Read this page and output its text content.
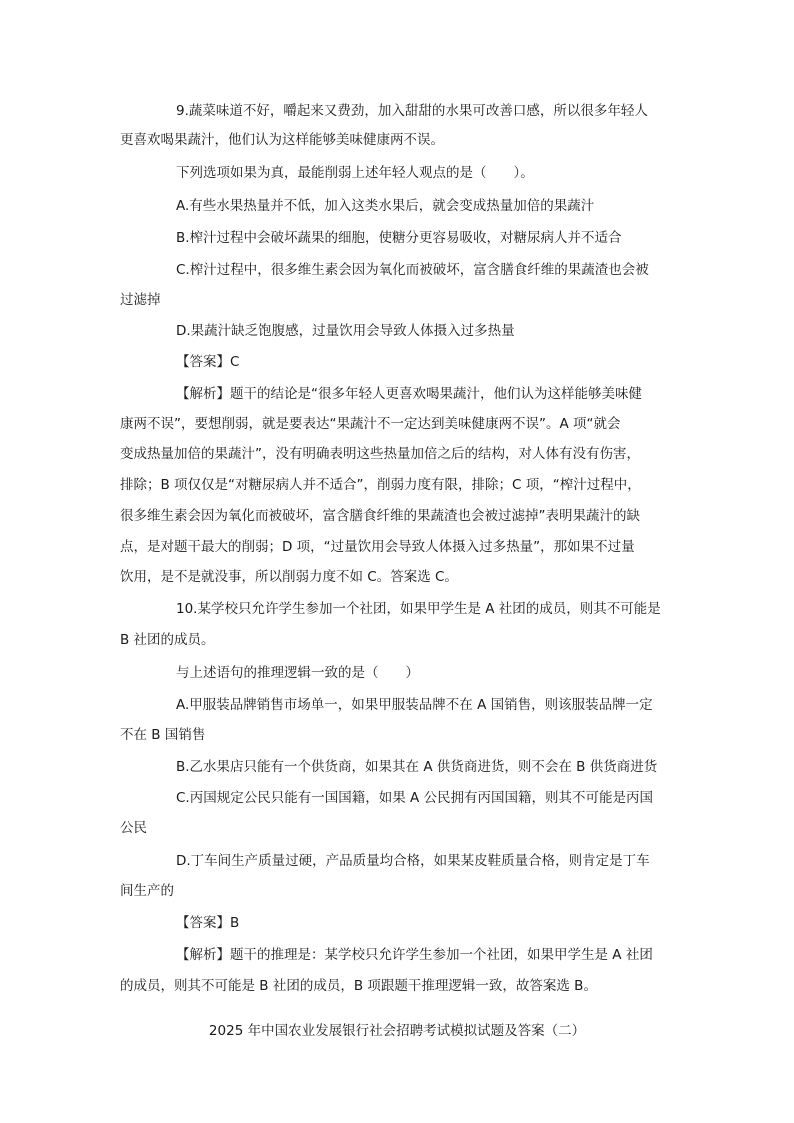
9.蔬菜味道不好，嚼起来又费劲，加入甜甜的水果可改善口感，所以很多年轻人

更喜欢喝果蔬汁，他们认为这样能够美味健康两不误。

下列选项如果为真，最能削弱上述年轻人观点的是（　　）。

A.有些水果热量并不低，加入这类水果后，就会变成热量加倍的果蔬汁

B.榨汁过程中会破坏蔬果的细胞，使糖分更容易吸收，对糖尿病人并不适合

C.榨汁过程中，很多维生素会因为氧化而被破坏，富含膳食纤维的果蔬渣也会被

过滤掉

D.果蔬汁缺乏饱腹感，过量饮用会导致人体摄入过多热量

【答案】C

【解析】题干的结论是“很多年轻人更喜欢喝果蔬汁，他们认为这样能够美味健

康两不误”，要想削弱，就是要表达“果蔬汁不一定达到美味健康两不误”。A 项“就会

变成热量加倍的果蔬汁”，没有明确表明这些热量加倍之后的结构，对人体有没有伤害，

排除；B 项仅仅是“对糖尿病人并不适合”，削弱力度有限，排除；C 项，“榨汁过程中，

很多维生素会因为氧化而被破坏，富含膳食纤维的果蔬渣也会被过滤掉”表明果蔬汁的缺

点，是对题干最大的削弱；D 项，“过量饮用会导致人体摄入过多热量”，那如果不过量

饮用，是不是就没事，所以削弱力度不如 C。答案选 C。

10.某学校只允许学生参加一个社团，如果甲学生是 A 社团的成员，则其不可能是

B 社团的成员。

与上述语句的推理逻辑一致的是（　　）

A.甲服装品牌销售市场单一，如果甲服装品牌不在 A 国销售，则该服装品牌一定

不在 B 国销售

B.乙水果店只能有一个供货商，如果其在 A 供货商进货，则不会在 B 供货商进货

C.丙国规定公民只能有一国国籍，如果 A 公民拥有丙国国籍，则其不可能是丙国

公民

D.丁车间生产质量过硬，产品质量均合格，如果某皮鞋质量合格，则肯定是丁车

间生产的

【答案】B

【解析】题干的推理是：某学校只允许学生参加一个社团，如果甲学生是 A 社团

的成员，则其不可能是 B 社团的成员，B 项跟题干推理逻辑一致，故答案选 B。

2025 年中国农业发展银行社会招聘考试模拟试题及答案（二）
